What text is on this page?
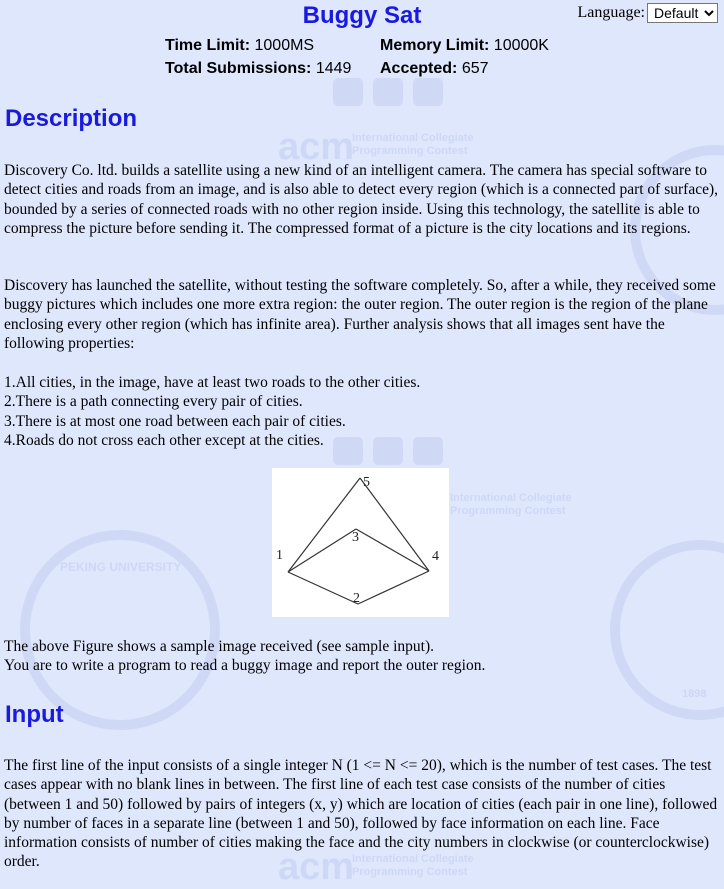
acm
International Collegiate
Programming Contest
International Collegiate
Programming Contest
acm
International Collegiate
Programming Contest
PEKING UNIVERSITY
1898
Language:
Default
Buggy Sat
Time Limit: 1000MS	Memory Limit: 10000K
Total Submissions: 1449	Accepted: 657
Description

Discovery Co. ltd. builds a satellite using a new kind of an intelligent camera. The camera has special software to detect cities and roads from an image, and is also able to detect every region (which is a connected part of surface), bounded by a series of connected roads with no other region inside. Using this technology, the satellite is able to compress the picture before sending it. The compressed format of a picture is the city locations and its regions.

Discovery has launched the satellite, without testing the software completely. So, after a while, they received some buggy pictures which includes one more extra region: the outer region. The outer region is the region of the plane enclosing every other region (which has infinite area). Further analysis shows that all images sent have the following properties:

1.All cities, in the image, have at least two roads to the other cities.
2.There is a path connecting every pair of cities.
3.There is at most one road between each pair of cities.
4.Roads do not cross each other except at the cities.
1
2
3
4
5
The above Figure shows a sample image received (see sample input).
You are to write a program to read a buggy image and report the outer region.
Input

The first line of the input consists of a single integer N (1 <= N <= 20), which is the number of test cases. The test cases appear with no blank lines in between. The first line of each test case consists of the number of cities (between 1 and 50) followed by pairs of integers (x, y) which are location of cities (each pair in one line), followed by number of faces in a separate line (between 1 and 50), followed by face information on each line. Face information consists of number of cities making the face and the city numbers in clockwise (or counterclockwise) order.
